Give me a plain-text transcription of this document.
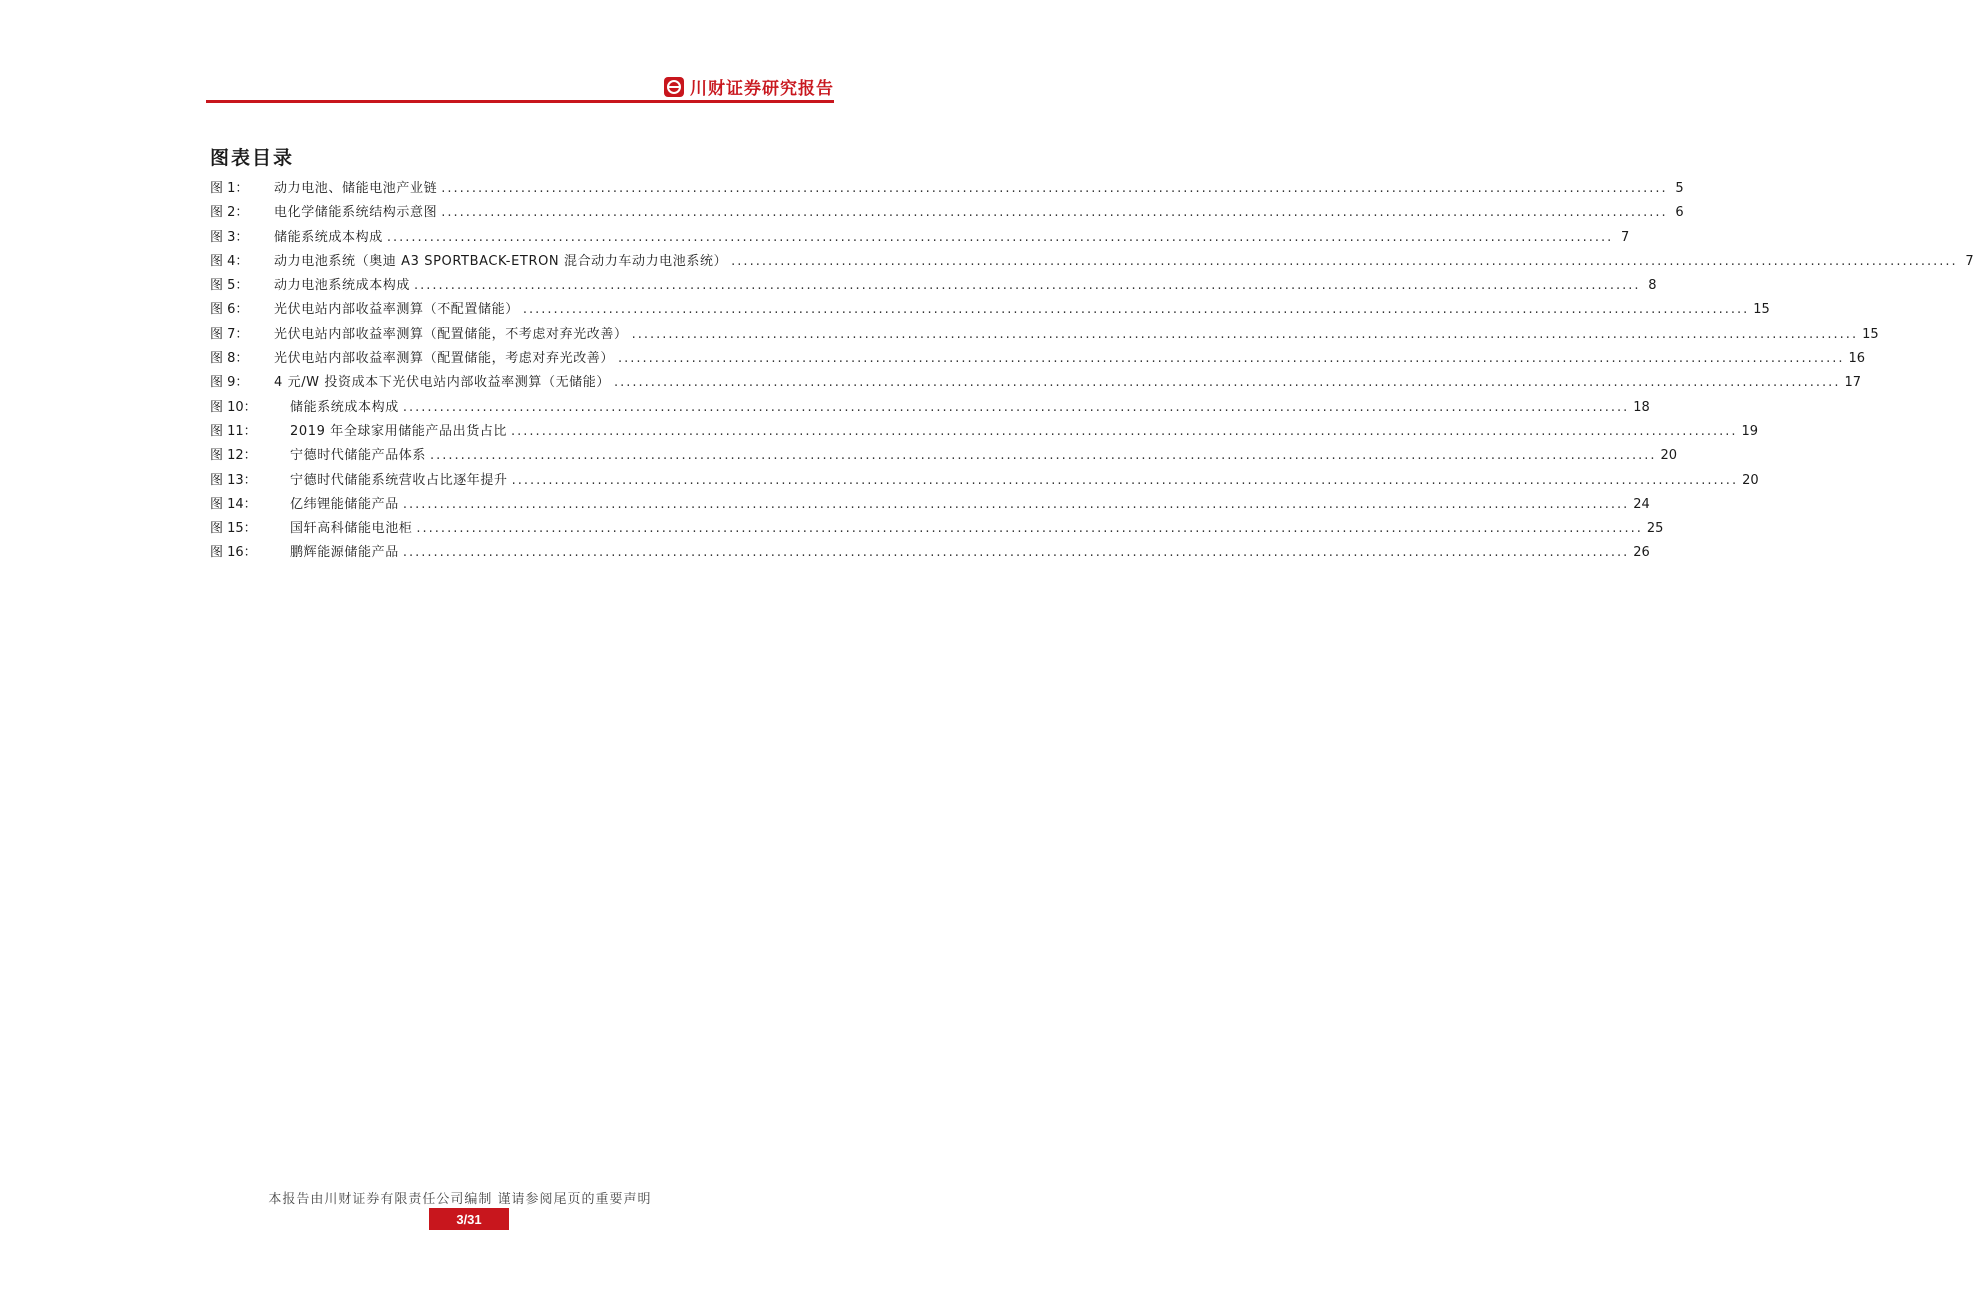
川财证券研究报告
图表目录
图 1：	动力电池、储能电池产业链 ........................................................................................................................................................................................................ 5
图 2：	电化学储能系统结构示意图 ........................................................................................................................................................................................................ 6
图 3：	储能系统成本构成 ........................................................................................................................................................................................................ 7
图 4：	动力电池系统（奥迪 A3 SPORTBACK-ETRON 混合动力车动力电池系统） ........................................................................................................................................................................................................ 7
图 5：	动力电池系统成本构成 ........................................................................................................................................................................................................ 8
图 6：	光伏电站内部收益率测算（不配置储能） ........................................................................................................................................................................................................ 15
图 7：	光伏电站内部收益率测算（配置储能，不考虑对弃光改善） ........................................................................................................................................................................................................ 15
图 8：	光伏电站内部收益率测算（配置储能，考虑对弃光改善） ........................................................................................................................................................................................................ 16
图 9：	4 元/W 投资成本下光伏电站内部收益率测算（无储能） ........................................................................................................................................................................................................ 17
图 10：	储能系统成本构成 ........................................................................................................................................................................................................ 18
图 11：	2019 年全球家用储能产品出货占比 ........................................................................................................................................................................................................ 19
图 12：	宁德时代储能产品体系 ........................................................................................................................................................................................................ 20
图 13：	宁德时代储能系统营收占比逐年提升 ........................................................................................................................................................................................................ 20
图 14：	亿纬锂能储能产品 ........................................................................................................................................................................................................ 24
图 15：	国轩高科储能电池柜 ........................................................................................................................................................................................................ 25
图 16：	鹏辉能源储能产品 ........................................................................................................................................................................................................ 26
本报告由川财证券有限责任公司编制 谨请参阅尾页的重要声明
3/31
